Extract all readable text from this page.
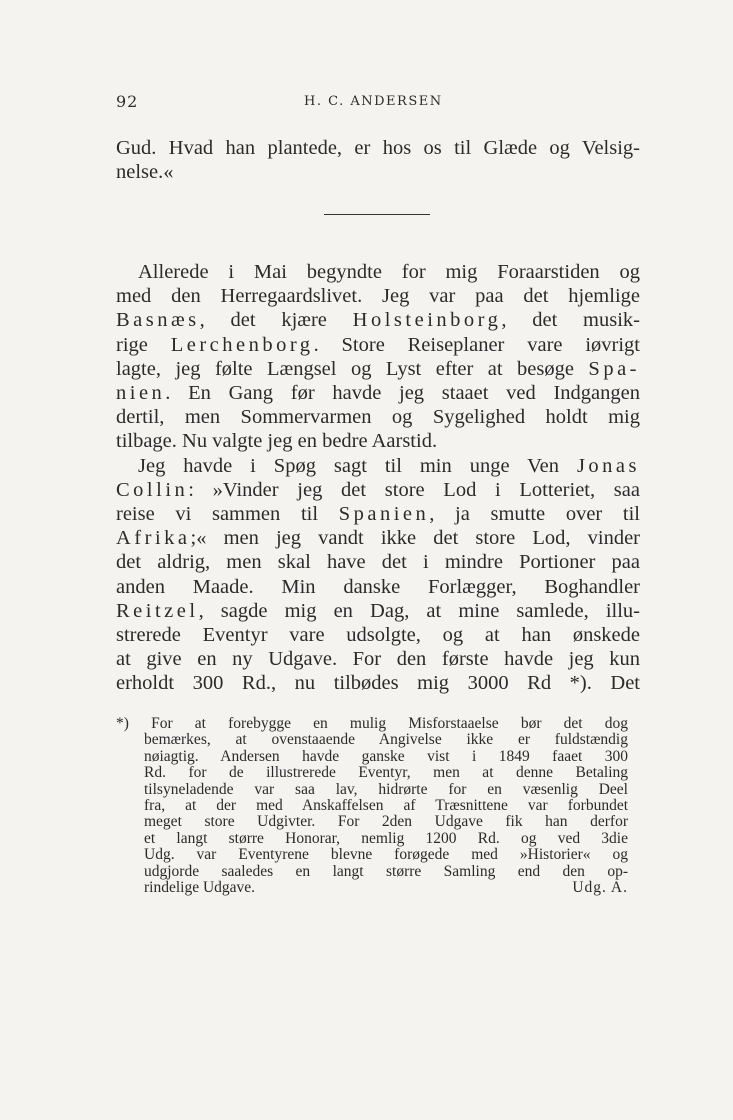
92	H. C. ANDERSEN
Gud. Hvad han plantede, er hos os til Glæde og Velsig-
nelse.«
Allerede i Mai begyndte for mig Foraarstiden og
med den Herregaardslivet. Jeg var paa det hjemlige
Basnæs, det kjære Holsteinborg, det musik-
rige Lerchenborg. Store Reiseplaner vare iøvrigt
lagte, jeg følte Længsel og Lyst efter at besøge Spa-
nien. En Gang før havde jeg staaet ved Indgangen
dertil, men Sommervarmen og Sygelighed holdt mig
tilbage. Nu valgte jeg en bedre Aarstid.
Jeg havde i Spøg sagt til min unge Ven Jonas
Collin: »Vinder jeg det store Lod i Lotteriet, saa
reise vi sammen til Spanien, ja smutte over til
Afrika;« men jeg vandt ikke det store Lod, vinder
det aldrig, men skal have det i mindre Portioner paa
anden Maade. Min danske Forlægger, Boghandler
Reitzel, sagde mig en Dag, at mine samlede, illu-
strerede Eventyr vare udsolgte, og at han ønskede
at give en ny Udgave. For den første havde jeg kun
erholdt 300 Rd., nu tilbødes mig 3000 Rd *). Det
*) For at forebygge en mulig Misforstaaelse bør det dog
bemærkes, at ovenstaaende Angivelse ikke er fuldstændig
nøiagtig. Andersen havde ganske vist i 1849 faaet 300
Rd. for de illustrerede Eventyr, men at denne Betaling
tilsyneladende var saa lav, hidrørte for en væsenlig Deel
fra, at der med Anskaffelsen af Træsnittene var forbundet
meget store Udgivter. For 2den Udgave fik han derfor
et langt større Honorar, nemlig 1200 Rd. og ved 3die
Udg. var Eventyrene blevne forøgede med »Historier« og
udgjorde saaledes en langt større Samling end den op-
rindelige Udgave.	Udg. A.
